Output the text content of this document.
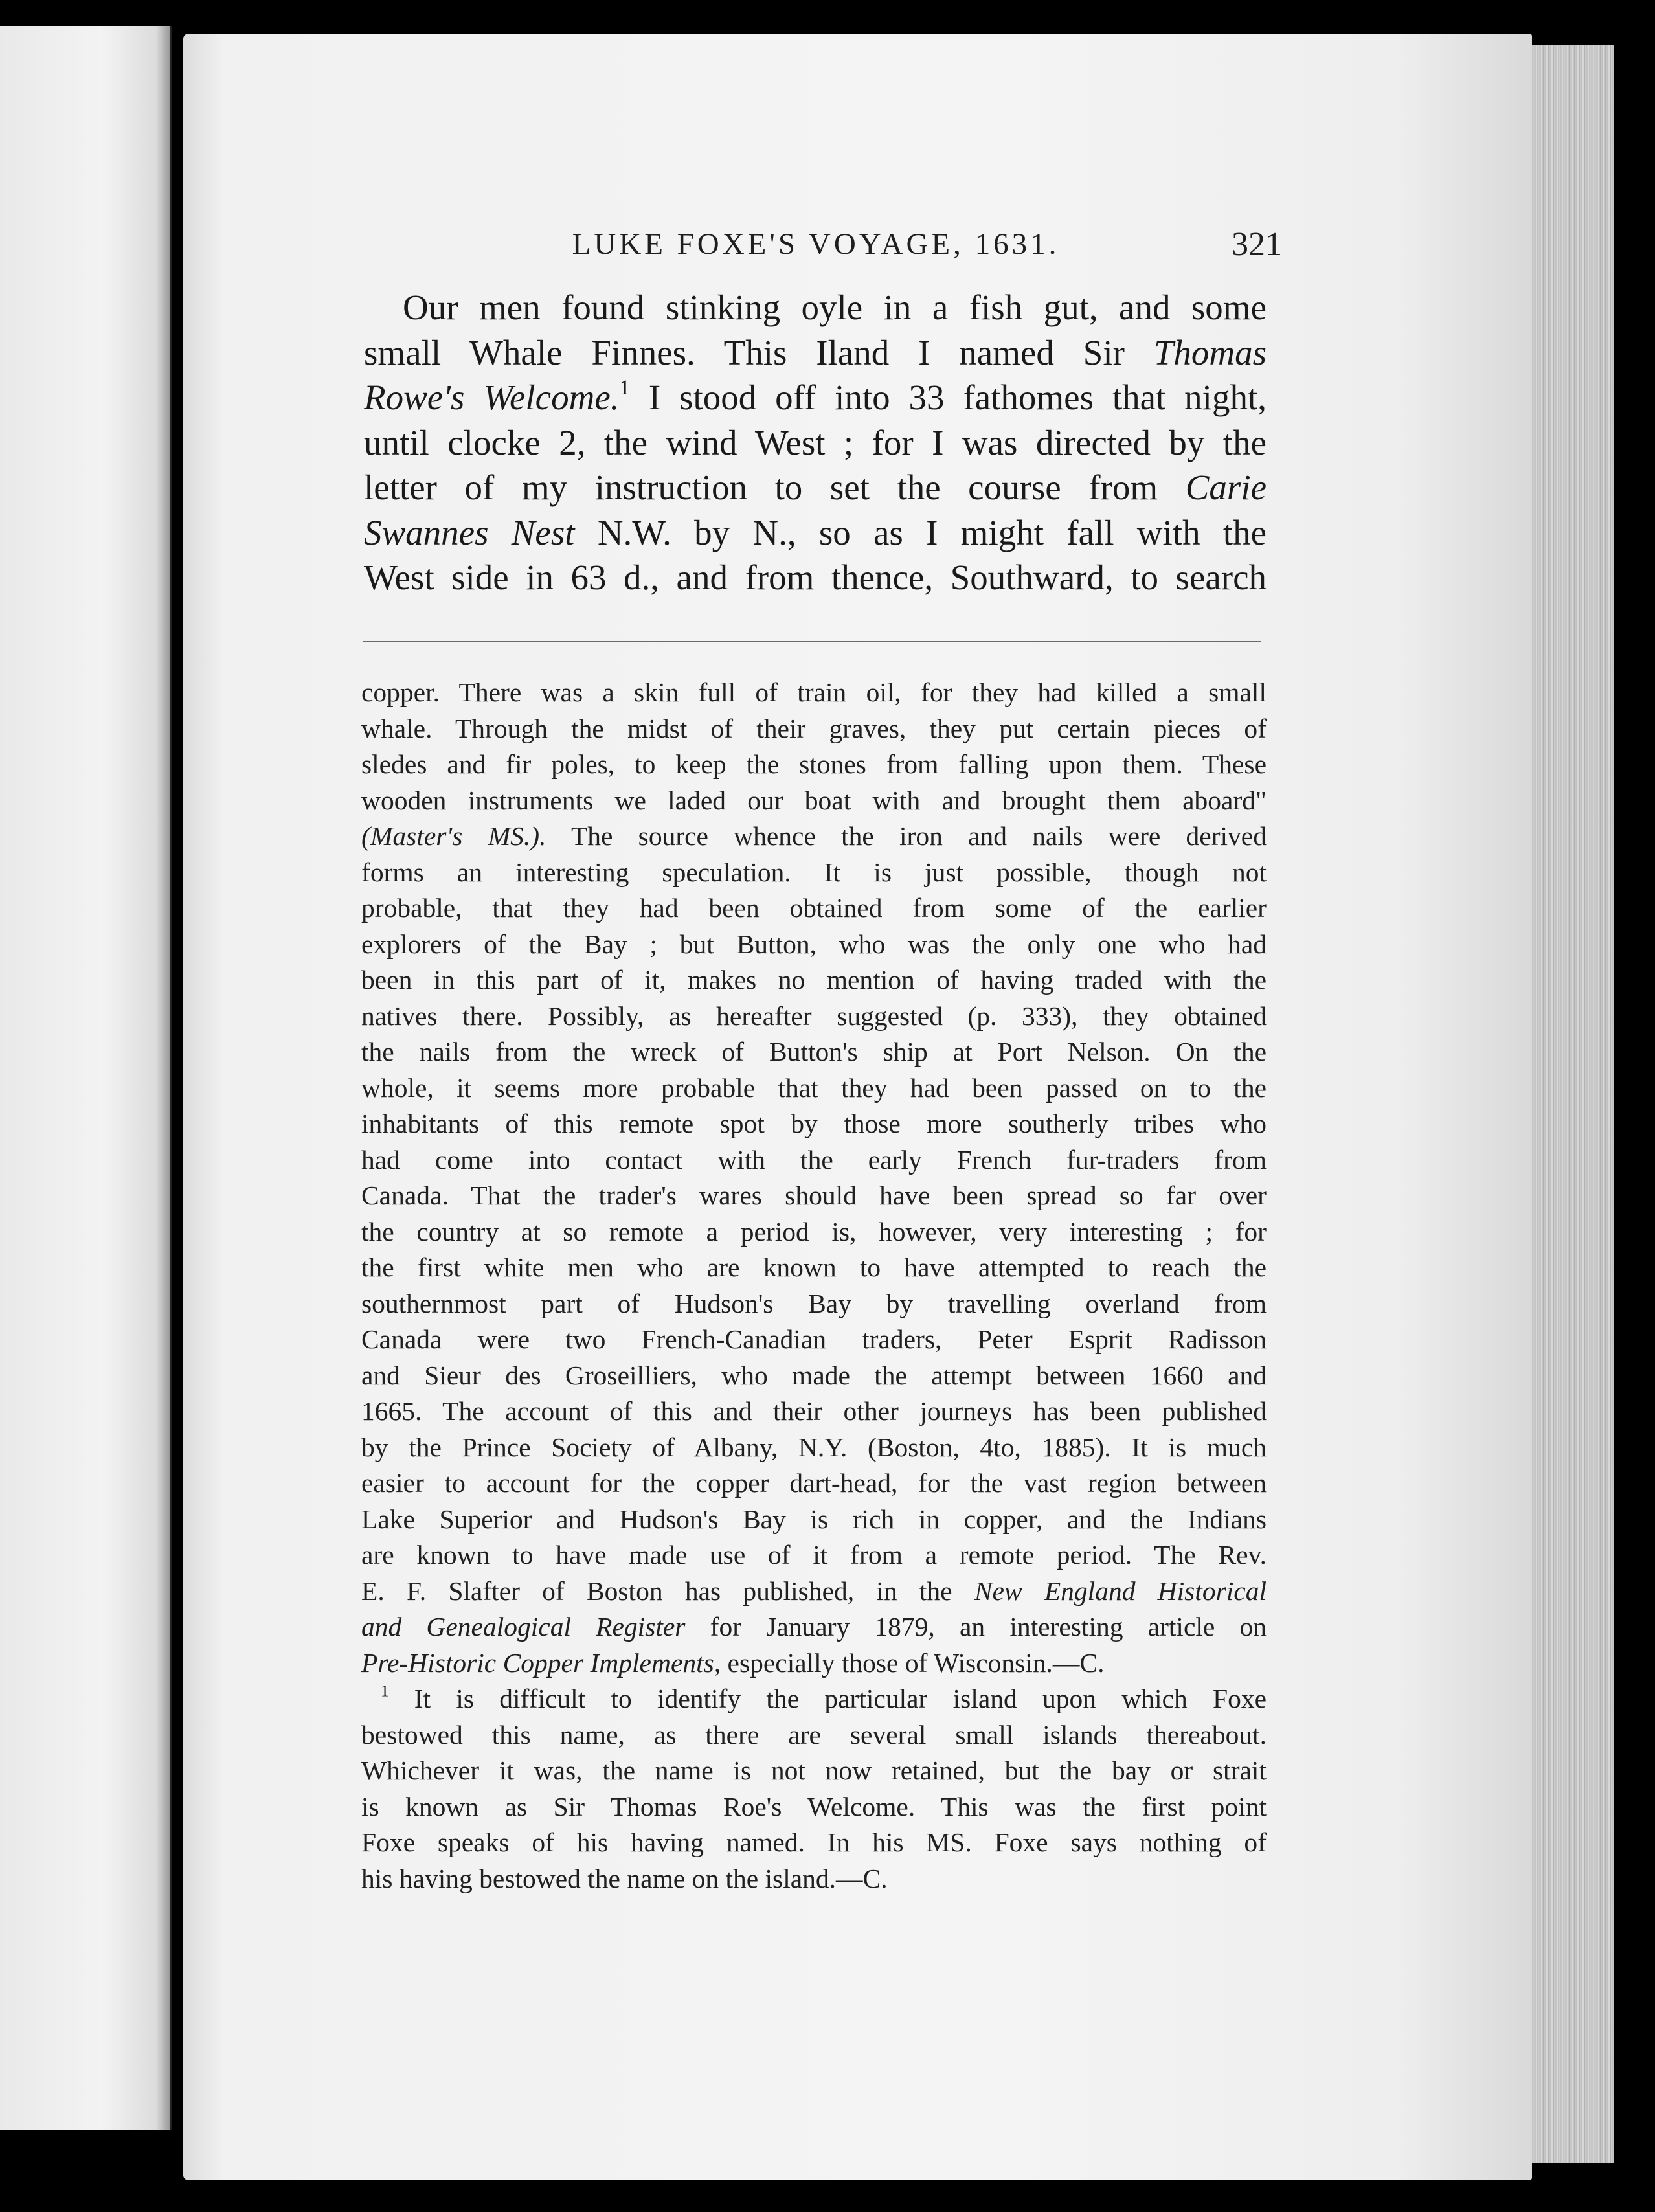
LUKE FOXE'S VOYAGE, 1631.	321
Our men found stinking oyle in a fish gut, and some
small Whale Finnes. This Iland I named Sir Thomas
Rowe's Welcome.$^1$ I stood off into 33 fathomes that night,
until clocke 2, the wind West ; for I was directed by the
letter of my instruction to set the course from Carie
Swannes Nest N.W. by N., so as I might fall with the
West side in 63 d., and from thence, Southward, to search
copper. There was a skin full of train oil, for they had killed a small
whale. Through the midst of their graves, they put certain pieces of
sledes and fir poles, to keep the stones from falling upon them. These
wooden instruments we laded our boat with and brought them aboard"
(Master's MS.). The source whence the iron and nails were derived
forms an interesting speculation. It is just possible, though not
probable, that they had been obtained from some of the earlier
explorers of the Bay ; but Button, who was the only one who had
been in this part of it, makes no mention of having traded with the
natives there. Possibly, as hereafter suggested (p. 333), they obtained
the nails from the wreck of Button's ship at Port Nelson. On the
whole, it seems more probable that they had been passed on to the
inhabitants of this remote spot by those more southerly tribes who
had come into contact with the early French fur-traders from
Canada. That the trader's wares should have been spread so far over
the country at so remote a period is, however, very interesting ; for
the first white men who are known to have attempted to reach the
southernmost part of Hudson's Bay by travelling overland from
Canada were two French-Canadian traders, Peter Esprit Radisson
and Sieur des Groseilliers, who made the attempt between 1660 and
1665. The account of this and their other journeys has been published
by the Prince Society of Albany, N.Y. (Boston, 4to, 1885). It is much
easier to account for the copper dart-head, for the vast region between
Lake Superior and Hudson's Bay is rich in copper, and the Indians
are known to have made use of it from a remote period. The Rev.
E. F. Slafter of Boston has published, in the New England Historical
and Genealogical Register for January 1879, an interesting article on
Pre-Historic Copper Implements, especially those of Wisconsin.—C.
$^1$ It is difficult to identify the particular island upon which Foxe
bestowed this name, as there are several small islands thereabout.
Whichever it was, the name is not now retained, but the bay or strait
is known as Sir Thomas Roe's Welcome. This was the first point
Foxe speaks of his having named. In his MS. Foxe says nothing of
his having bestowed the name on the island.—C.
